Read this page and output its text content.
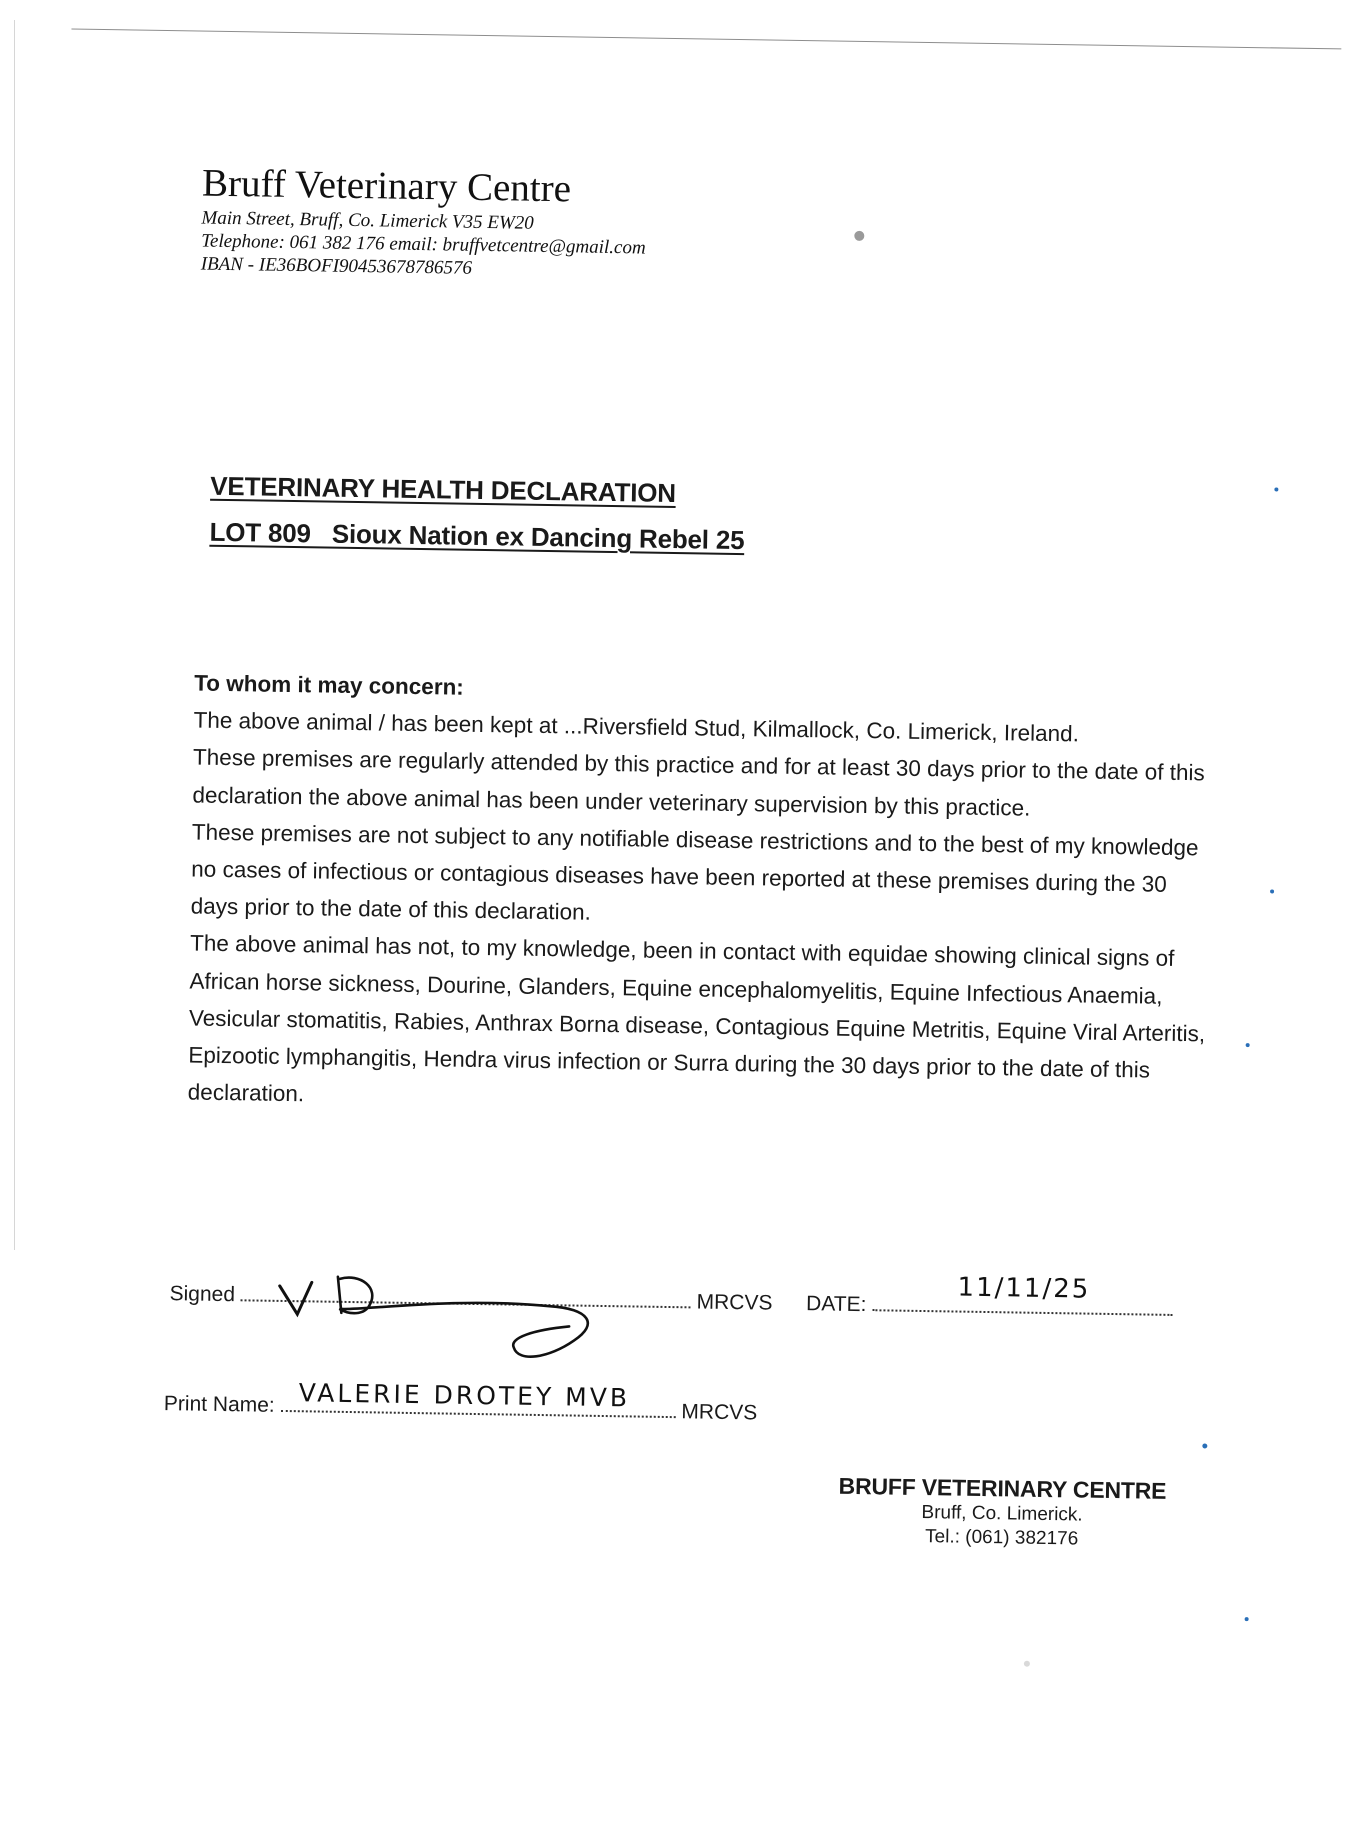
Bruff Veterinary Centre
Main Street, Bruff, Co. Limerick V35 EW20
Telephone: 061 382 176 email: bruffvetcentre@gmail.com
IBAN - IE36BOFI90453678786576
VETERINARY HEALTH DECLARATION
LOT 809   Sioux Nation ex Dancing Rebel 25

To whom it may concern:

The above animal / has been kept at ...Riversfield Stud, Kilmallock, Co. Limerick, Ireland.

These premises are regularly attended by this practice and for at least 30 days prior to the date of this

declaration the above animal has been under veterinary supervision by this practice.

These premises are not subject to any notifiable disease restrictions and to the best of my knowledge

no cases of infectious or contagious diseases have been reported at these premises during the 30

days prior to the date of this declaration.

The above animal has not, to my knowledge, been in contact with equidae showing clinical signs of

African horse sickness, Dourine, Glanders, Equine encephalomyelitis, Equine Infectious Anaemia,

Vesicular stomatitis, Rabies, Anthrax Borna disease, Contagious Equine Metritis, Equine Viral Arteritis,

Epizootic lymphangitis, Hendra virus infection or Surra during the 30 days prior to the date of this

declaration.

Signed	MRCVS DATE:	11/11/25
Print Name: VALERIE DROTEY MVB MRCVS
BRUFF VETERINARY CENTRE
Bruff, Co. Limerick.
Tel.: (061) 382176
